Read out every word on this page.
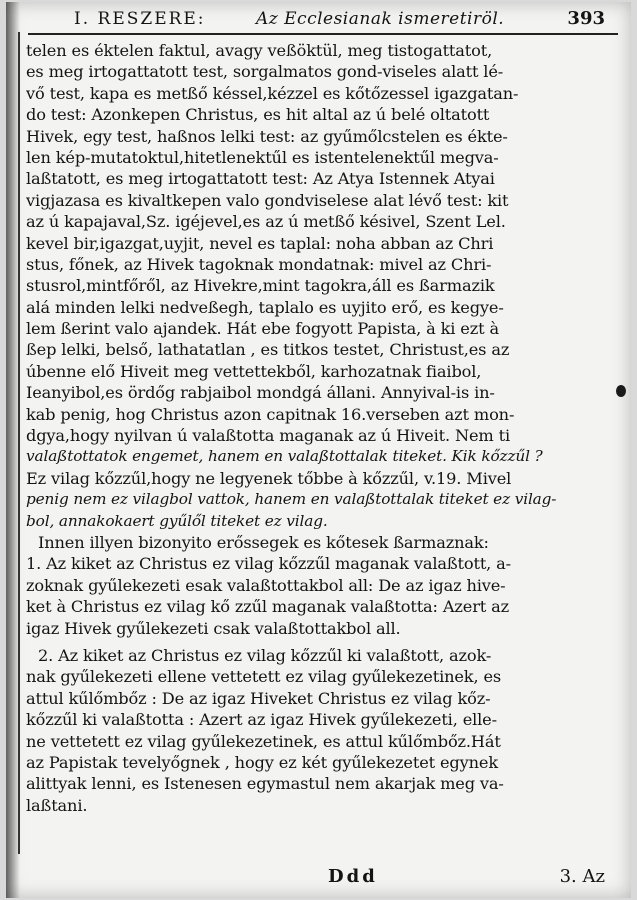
I. RESZERE:	Az Ecclesianak ismeretiröl.	393
telen es éktelen faktul, avagy veßöktül, meg tistogattatot,
es meg irtogattatott test, sorgalmatos gond-viseles alatt lé-
vő test, kapa es metßő késsel,kézzel es kőtőzessel igazgatan-
do test: Azonkepen Christus, es hit altal az ú belé oltatott
Hivek, egy test, haßnos lelki test: az gyűmőlcstelen es ékte-
len kép-mutatoktul,hitetlenektűl es istentelenektűl megva-
laßtatott, es meg irtogattatott test: Az Atya Istennek Atyai
vigjazasa es kivaltkepen valo gondviselese alat lévő test: kit
az ú kapajaval,Sz. igéjevel,es az ú metßő késivel, Szent Lel.
kevel bir,igazgat,uyjit, nevel es taplal: noha abban az Chri
stus, főnek, az Hivek tagoknak mondatnak: mivel az Chri-
stusrol,mintfőről, az Hivekre,mint tagokra,áll es ßarmazik
alá minden lelki nedveßegh, taplalo es uyjito erő, es kegye-
lem ßerint valo ajandek. Hát ebe fogyott Papista, à ki ezt à
ßep lelki, belső, lathatatlan , es titkos testet, Christust,es az
úbenne elő Hiveit meg vettettekből, karhozatnak fiaibol,
Ieanyibol,es ördőg rabjaibol mondgá állani. Annyival-is in-
kab penig, hog Christus azon capitnak 16.verseben azt mon-
dgya,hogy nyilvan ú valaßtotta maganak az ú Hiveit. Nem ti
valaßtottatok engemet, hanem en valaßtottalak titeket. Kik kőzzűl ?
Ez vilag kőzzűl,hogy ne legyenek tőbbe à kőzzűl, v.19. Mivel
penig nem ez vilagbol vattok, hanem en valaßtottalak titeket ez vilag-
bol, annakokaert gyűlől titeket ez vilag.
Innen illyen bizonyito erőssegek es kőtesek ßarmaznak:
1. Az kiket az Christus ez vilag kőzzűl maganak valaßtott, a-
zoknak gyűlekezeti esak valaßtottakbol all: De az igaz hive-
ket à Christus ez vilag kő zzűl maganak valaßtotta: Azert az
igaz Hivek gyűlekezeti csak valaßtottakbol all.
2. Az kiket az Christus ez vilag kőzzűl ki valaßtott, azok-
nak gyűlekezeti ellene vettetett ez vilag gyűlekezetinek, es
attul kűlőmbőz : De az igaz Hiveket Christus ez vilag kőz-
kőzzűl ki valaßtotta : Azert az igaz Hivek gyűlekezeti, elle-
ne vettetett ez vilag gyűlekezetinek, es attul kűlőmbőz.Hát
az Papistak tevelyőgnek , hogy ez két gyűlekezetet egynek
alittyak lenni, es Istenesen egymastul nem akarjak meg va-
laßtani.
Ddd	3. Az
